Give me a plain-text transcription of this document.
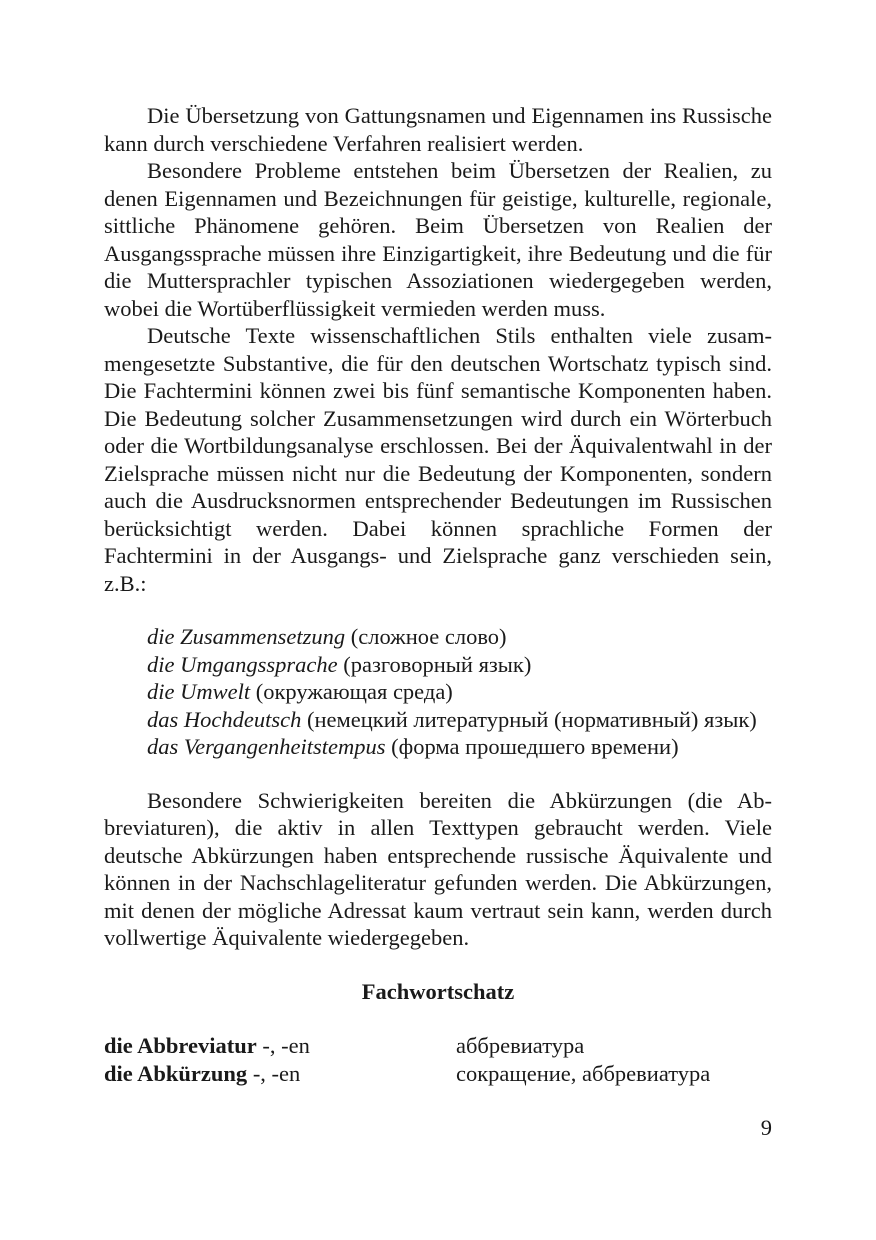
Die Übersetzung von Gattungsnamen und Eigennamen ins Russische kann durch verschiedene Verfahren realisiert werden.

Besondere Probleme entstehen beim Übersetzen der Realien, zu denen Eigennamen und Bezeichnungen für geistige, kulturelle, regionale, sittliche Phänomene gehören. Beim Übersetzen von Realien der Ausgangssprache müssen ihre Einzigartigkeit, ihre Bedeutung und die für die Muttersprachler typischen Assoziationen wiedergegeben werden, wobei die Wortüberflüssigkeit vermieden werden muss.

Deutsche Texte wissenschaftlichen Stils enthalten viele zusammengesetzte Substantive, die für den deutschen Wortschatz typisch sind. Die Fachtermini können zwei bis fünf semantische Komponenten haben. Die Bedeutung solcher Zusammensetzungen wird durch ein Wörterbuch oder die Wortbildungsanalyse erschlossen. Bei der Äquivalentwahl in der Zielsprache müssen nicht nur die Bedeutung der Komponenten, sondern auch die Ausdrucksnormen entsprechender Bedeutungen im Russischen berücksichtigt werden. Dabei können sprachliche Formen der Fachtermini in der Ausgangs- und Zielsprache ganz verschieden sein, z.B.:

die Zusammensetzung (сложное слово)
die Umgangssprache (разговорный язык)
die Umwelt (окружающая среда)
das Hochdeutsch (немецкий литературный (нормативный) язык)
das Vergangenheitstempus (форма прошедшего времени)

Besondere Schwierigkeiten bereiten die Abkürzungen (die Abbreviaturen), die aktiv in allen Texttypen gebraucht werden. Viele deutsche Abkürzungen haben entsprechende russische Äquivalente und können in der Nachschlageliteratur gefunden werden. Die Abkürzungen, mit denen der mögliche Adressat kaum vertraut sein kann, werden durch vollwertige Äquivalente wiedergegeben.

Fachwortschatz
die Abbreviatur -, -en	аббревиатура
die Abkürzung -, -en	сокращение, аббревиатура
9
